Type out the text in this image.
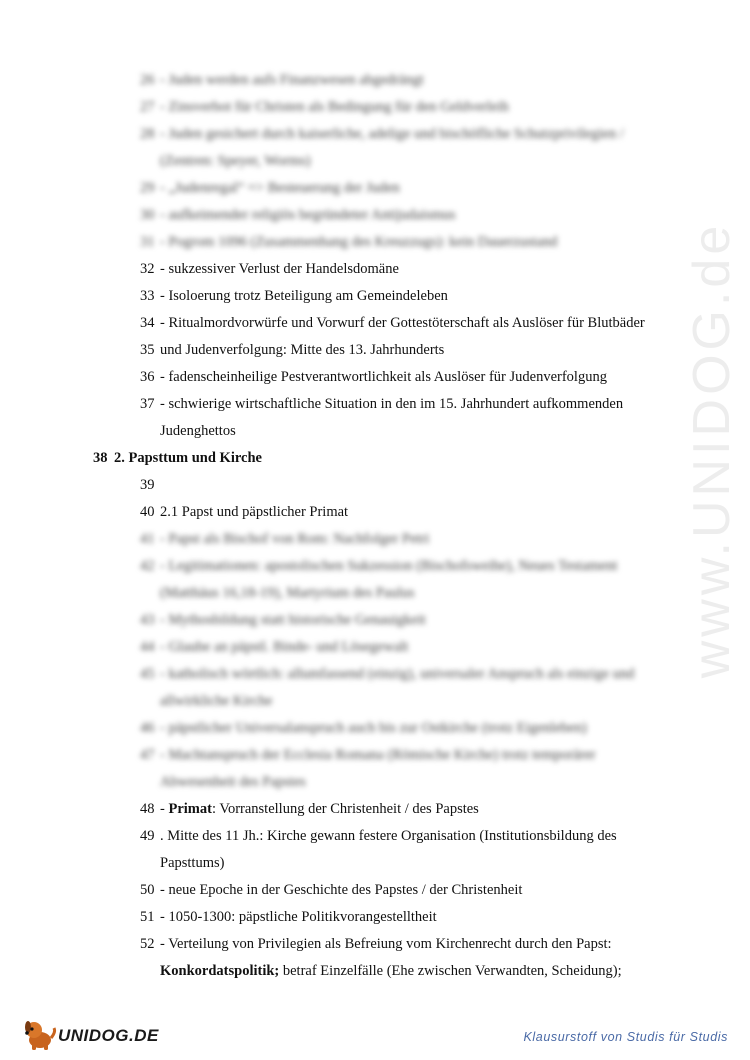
www.UNIDOG.de
26 - Juden werden aufs Finanzwesen abgedrängt
27 - Zinsverbot für Christen als Bedingung für den Geldverleih
28 - Juden gesichert durch kaiserliche, adelige und bischöfliche Schutzprivilegien /
(Zentren: Speyer, Worms)
29 - „Judenregal“ => Besteuerung der Juden
30 - aufkeimender religiös begründeter Antijudaismus
31 - Pogrom 1096 (Zusammenhang des Kreuzzugs): kein Dauerzustand
32 - sukzessiver Verlust der Handelsdomäne
33 - Isoloerung trotz Beteiligung am Gemeindeleben
34 - Ritualmordvorwürfe und Vorwurf der Gottestöterschaft als Auslöser für Blutbäder
35 und Judenverfolgung: Mitte des 13. Jahrhunderts
36 - fadenscheinheilige Pestverantwortlichkeit als Auslöser für Judenverfolgung
37 - schwierige wirtschaftliche Situation in den im 15. Jahrhundert aufkommenden
Judenghettos
38 2. Papsttum und Kirche
39
40 2.1 Papst und päpstlicher Primat
41 - Papst als Bischof von Rom: Nachfolger Petri
42 - Legitimationen: apostolischen Sukzession (Bischofsweihe), Neues Testament
(Matthäus 16,18-19), Martyrium des Paulus
43 - Mythosbildung statt historische Genauigkeit
44 - Glaube an päpstl. Binde- und Lösegewalt
45 - katholisch wörtlich: allumfassend (einzig), universaler Anspruch als einzige und
allwirkliche Kirche
46 - päpstlicher Universalanspruch auch bis zur Ostkirche (trotz Eigenleben)
47 - Machtanspruch der Ecclesia Romana (Römische Kirche) trotz temporärer
Abwesenheit des Papstes
48 - Primat: Vorranstellung der Christenheit / des Papstes
49 . Mitte des 11 Jh.: Kirche gewann festere Organisation (Institutionsbildung des
Papsttums)
50 - neue Epoche in der Geschichte des Papstes / der Christenheit
51 - 1050-1300: päpstliche Politikvorangestelltheit
52 - Verteilung von Privilegien als Befreiung vom Kirchenrecht durch den Papst:
Konkordatspolitik; betraf Einzelfälle (Ehe zwischen Verwandten, Scheidung);
UNIDOG.DE	Klausurstoff von Studis für Studis
